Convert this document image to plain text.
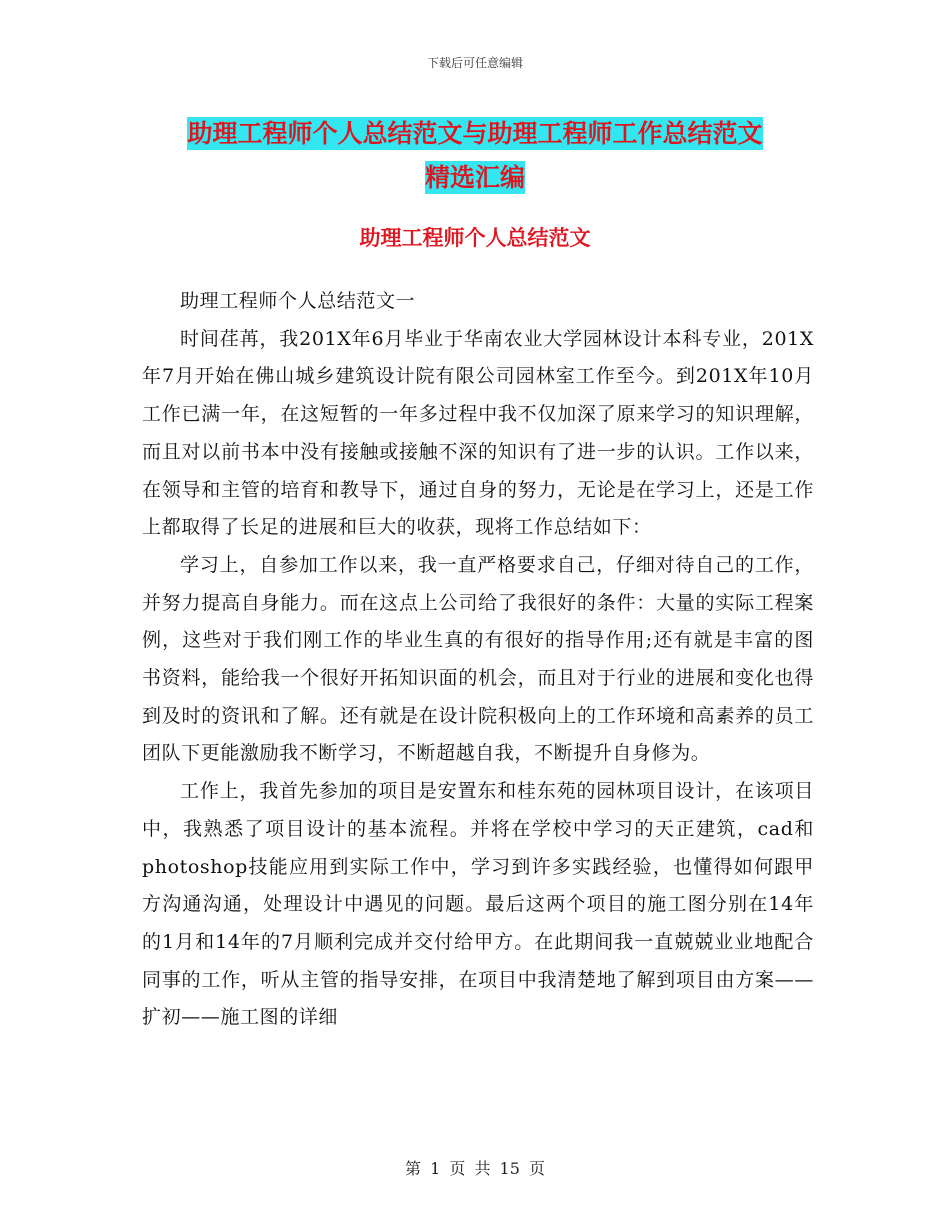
下载后可任意编辑
助理工程师个人总结范文与助理工程师工作总结范文
精选汇编
助理工程师个人总结范文

助理工程师个人总结范文一

时间荏苒，我201X年6月毕业于华南农业大学园林设计本科专业，201X年7月开始在佛山城乡建筑设计院有限公司园林室工作至今。到201X年10月工作已满一年，在这短暂的一年多过程中我不仅加深了原来学习的知识理解，而且对以前书本中没有接触或接触不深的知识有了进一步的认识。工作以来，在领导和主管的培育和教导下，通过自身的努力，无论是在学习上，还是工作上都取得了长足的进展和巨大的收获，现将工作总结如下：

学习上，自参加工作以来，我一直严格要求自己，仔细对待自己的工作，并努力提高自身能力。而在这点上公司给了我很好的条件：大量的实际工程案例，这些对于我们刚工作的毕业生真的有很好的指导作用;还有就是丰富的图书资料，能给我一个很好开拓知识面的机会，而且对于行业的进展和变化也得到及时的资讯和了解。还有就是在设计院积极向上的工作环境和高素养的员工团队下更能激励我不断学习，不断超越自我，不断提升自身修为。

工作上，我首先参加的项目是安置东和桂东苑的园林项目设计，在该项目中，我熟悉了项目设计的基本流程。并将在学校中学习的天正建筑，cad和photoshop技能应用到实际工作中，学习到许多实践经验，也懂得如何跟甲方沟通沟通，处理设计中遇见的问题。最后这两个项目的施工图分别在14年的1月和14年的7月顺利完成并交付给甲方。在此期间我一直兢兢业业地配合同事的工作，听从主管的指导安排，在项目中我清楚地了解到项目由方案——扩初——施工图的详细

第 1 页 共 15 页
